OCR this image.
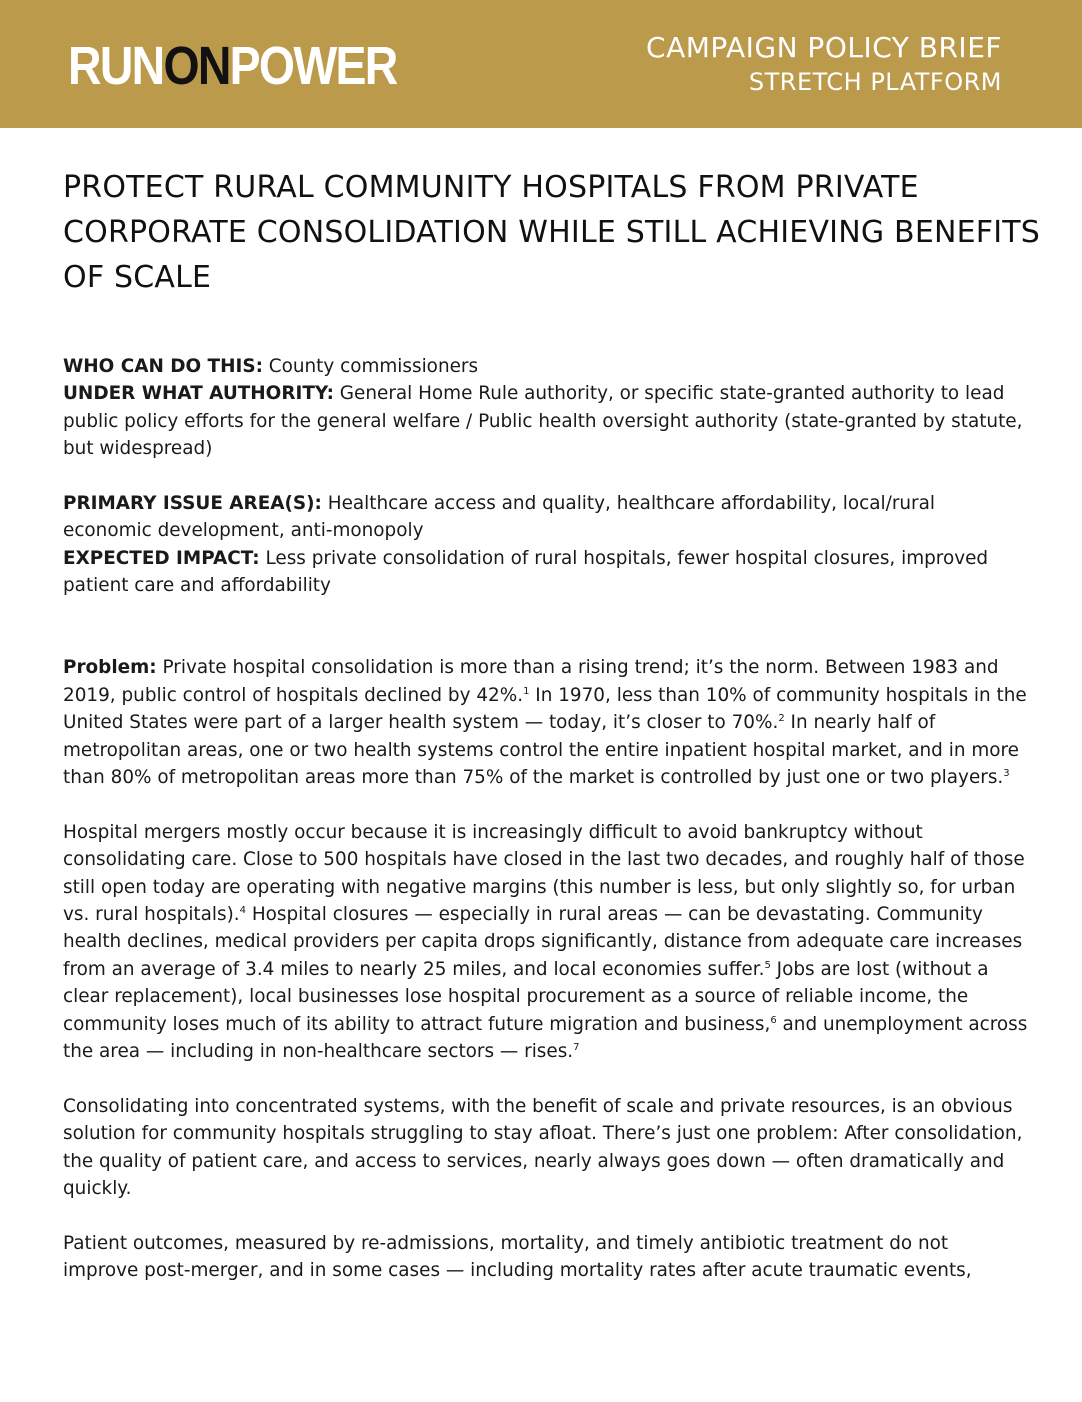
RUNONPOWER	CAMPAIGN POLICY BRIEF
STRETCH PLATFORM
PROTECT RURAL COMMUNITY HOSPITALS FROM PRIVATE CORPORATE CONSOLIDATION WHILE STILL ACHIEVING BENEFITS OF SCALE

WHO CAN DO THIS: County commissioners

UNDER WHAT AUTHORITY: General Home Rule authority, or specific state-granted authority to lead public policy efforts for the general welfare / Public health oversight authority (state-granted by statute, but widespread)

PRIMARY ISSUE AREA(S): Healthcare access and quality, healthcare affordability, local/rural economic development, anti-monopoly

EXPECTED IMPACT: Less private consolidation of rural hospitals, fewer hospital closures, improved patient care and affordability

Problem: Private hospital consolidation is more than a rising trend; it’s the norm. Between 1983 and 2019, public control of hospitals declined by 42%.$^1$ In 1970, less than 10% of community hospitals in the United States were part of a larger health system — today, it’s closer to 70%.$^2$ In nearly half of metropolitan areas, one or two health systems control the entire inpatient hospital market, and in more than 80% of metropolitan areas more than 75% of the market is controlled by just one or two players.$^3$

Hospital mergers mostly occur because it is increasingly difficult to avoid bankruptcy without consolidating care. Close to 500 hospitals have closed in the last two decades, and roughly half of those still open today are operating with negative margins (this number is less, but only slightly so, for urban vs. rural hospitals).$^4$ Hospital closures — especially in rural areas — can be devastating. Community health declines, medical providers per capita drops significantly, distance from adequate care increases from an average of 3.4 miles to nearly 25 miles, and local economies suffer.$^5$ Jobs are lost (without a clear replacement), local businesses lose hospital procurement as a source of reliable income, the community loses much of its ability to attract future migration and business,$^6$ and unemployment across the area — including in non-healthcare sectors — rises.$^7$

Consolidating into concentrated systems, with the benefit of scale and private resources, is an obvious solution for community hospitals struggling to stay afloat. There’s just one problem: After consolidation, the quality of patient care, and access to services, nearly always goes down — often dramatically and quickly.

Patient outcomes, measured by re-admissions, mortality, and timely antibiotic treatment do not improve post-merger, and in some cases — including mortality rates after acute traumatic events,
